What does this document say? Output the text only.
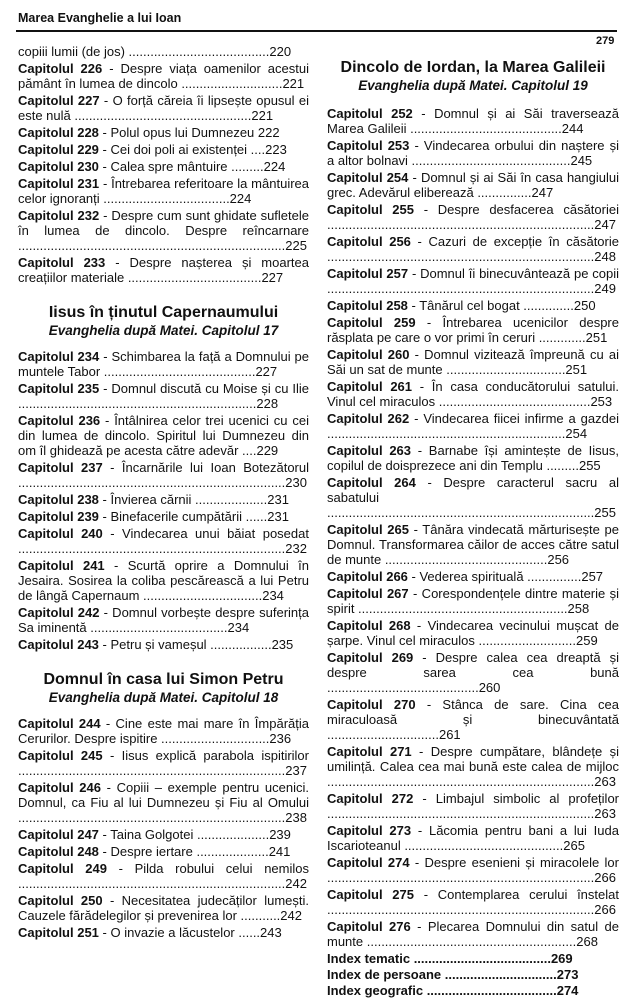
Marea Evanghelie a lui Ioan
279
copiii lumii (de jos) .......................................220
Capitolul 226 - Despre viața oamenilor acestui pământ în lumea de dincolo ............................221
Capitolul 227 - O forță căreia îi lipsește opusul ei este nulă .................................................221
Capitolul 228 - Polul opus lui Dumnezeu 222
Capitolul 229 - Cei doi poli ai existenței ....223
Capitolul 230 - Calea spre mântuire .........224
Capitolul 231 - Întrebarea referitoare la mântuirea celor ignoranți ...................................224
Capitolul 232 - Despre cum sunt ghidate sufletele în lumea de dincolo. Despre reîncarnare ..........................................................................225
Capitolul 233 - Despre nașterea și moartea creațiilor materiale .....................................227
Iisus în ținutul Capernaumului
Evanghelia după Matei. Capitolul 17
Capitolul 234 - Schimbarea la față a Domnului pe muntele Tabor ..........................................227
Capitolul 235 - Domnul discută cu Moise și cu Ilie ..................................................................228
Capitolul 236 - Întâlnirea celor trei ucenici cu cei din lumea de dincolo. Spiritul lui Dumnezeu din om îl ghidează pe acesta către adevăr ....229
Capitolul 237 - Încarnările lui Ioan Botezătorul ..........................................................................230
Capitolul 238 - Învierea cărnii ....................231
Capitolul 239 - Binefacerile cumpătării ......231
Capitolul 240 - Vindecarea unui băiat posedat ..........................................................................232
Capitolul 241 - Scurtă oprire a Domnului în Jesaira. Sosirea la coliba pescărească a lui Petru de lângă Capernaum .................................234
Capitolul 242 - Domnul vorbește despre suferința Sa iminentă ......................................234
Capitolul 243 - Petru și vameșul .................235
Domnul în casa lui Simon Petru
Evanghelia după Matei. Capitolul 18
Capitolul 244 - Cine este mai mare în Împărăția Cerurilor. Despre ispitire ..............................236
Capitolul 245 - Iisus explică parabola ispitirilor ..........................................................................237
Capitolul 246 - Copiii – exemple pentru ucenici. Domnul, ca Fiu al lui Dumnezeu și Fiu al Omului ..........................................................................238
Capitolul 247 - Taina Golgotei ....................239
Capitolul 248 - Despre iertare ....................241
Capitolul 249 - Pilda robului celui nemilos ..........................................................................242
Capitolul 250 - Necesitatea judecăților lumești. Cauzele fărădelegilor și prevenirea lor ...........242
Capitolul 251 - O invazie a lăcustelor ......243
Dincolo de Iordan, la Marea Galileii
Evanghelia după Matei. Capitolul 19
Capitolul 252 - Domnul și ai Săi traversează Marea Galileii ..........................................244
Capitolul 253 - Vindecarea orbului din naștere și a altor bolnavi ............................................245
Capitolul 254 - Domnul și ai Săi în casa hangiului grec. Adevărul eliberează ...............247
Capitolul 255 - Despre desfacerea căsătoriei ..........................................................................247
Capitolul 256 - Cazuri de excepție în căsătorie ..........................................................................248
Capitolul 257 - Domnul îi binecuvântează pe copii ..........................................................................249
Capitolul 258 - Tânărul cel bogat ..............250
Capitolul 259 - Întrebarea ucenicilor despre răsplata pe care o vor primi în ceruri .............251
Capitolul 260 - Domnul vizitează împreună cu ai Săi un sat de munte .................................251
Capitolul 261 - În casa conducătorului satului. Vinul cel miraculos ..........................................253
Capitolul 262 - Vindecarea fiicei infirme a gazdei ..................................................................254
Capitolul 263 - Barnabe își amintește de Iisus, copilul de doisprezece ani din Templu .........255
Capitolul 264 - Despre caracterul sacru al sabatului ..........................................................................255
Capitolul 265 - Tânăra vindecată mărturisește pe Domnul. Transformarea căilor de acces către satul de munte .............................................256
Capitolul 266 - Vederea spirituală ...............257
Capitolul 267 - Corespondențele dintre materie și spirit ..........................................................258
Capitolul 268 - Vindecarea vecinului mușcat de șarpe. Vinul cel miraculos ...........................259
Capitolul 269 - Despre calea cea dreaptă și despre sarea cea bună ..........................................260
Capitolul 270 - Stânca de sare. Cina cea miraculoasă și binecuvântată ...............................261
Capitolul 271 - Despre cumpătare, blândețe și umilință. Calea cea mai bună este calea de mijloc ..........................................................................263
Capitolul 272 - Limbajul simbolic al profeților ..........................................................................263
Capitolul 273 - Lăcomia pentru bani a lui Iuda Iscarioteanul ............................................265
Capitolul 274 - Despre esenieni și miracolele lor ..........................................................................266
Capitolul 275 - Contemplarea cerului înstelat ..........................................................................266
Capitolul 276 - Plecarea Domnului din satul de munte ..........................................................268
Index tematic ......................................269
Index de persoane ...............................273
Index geografic ....................................274
